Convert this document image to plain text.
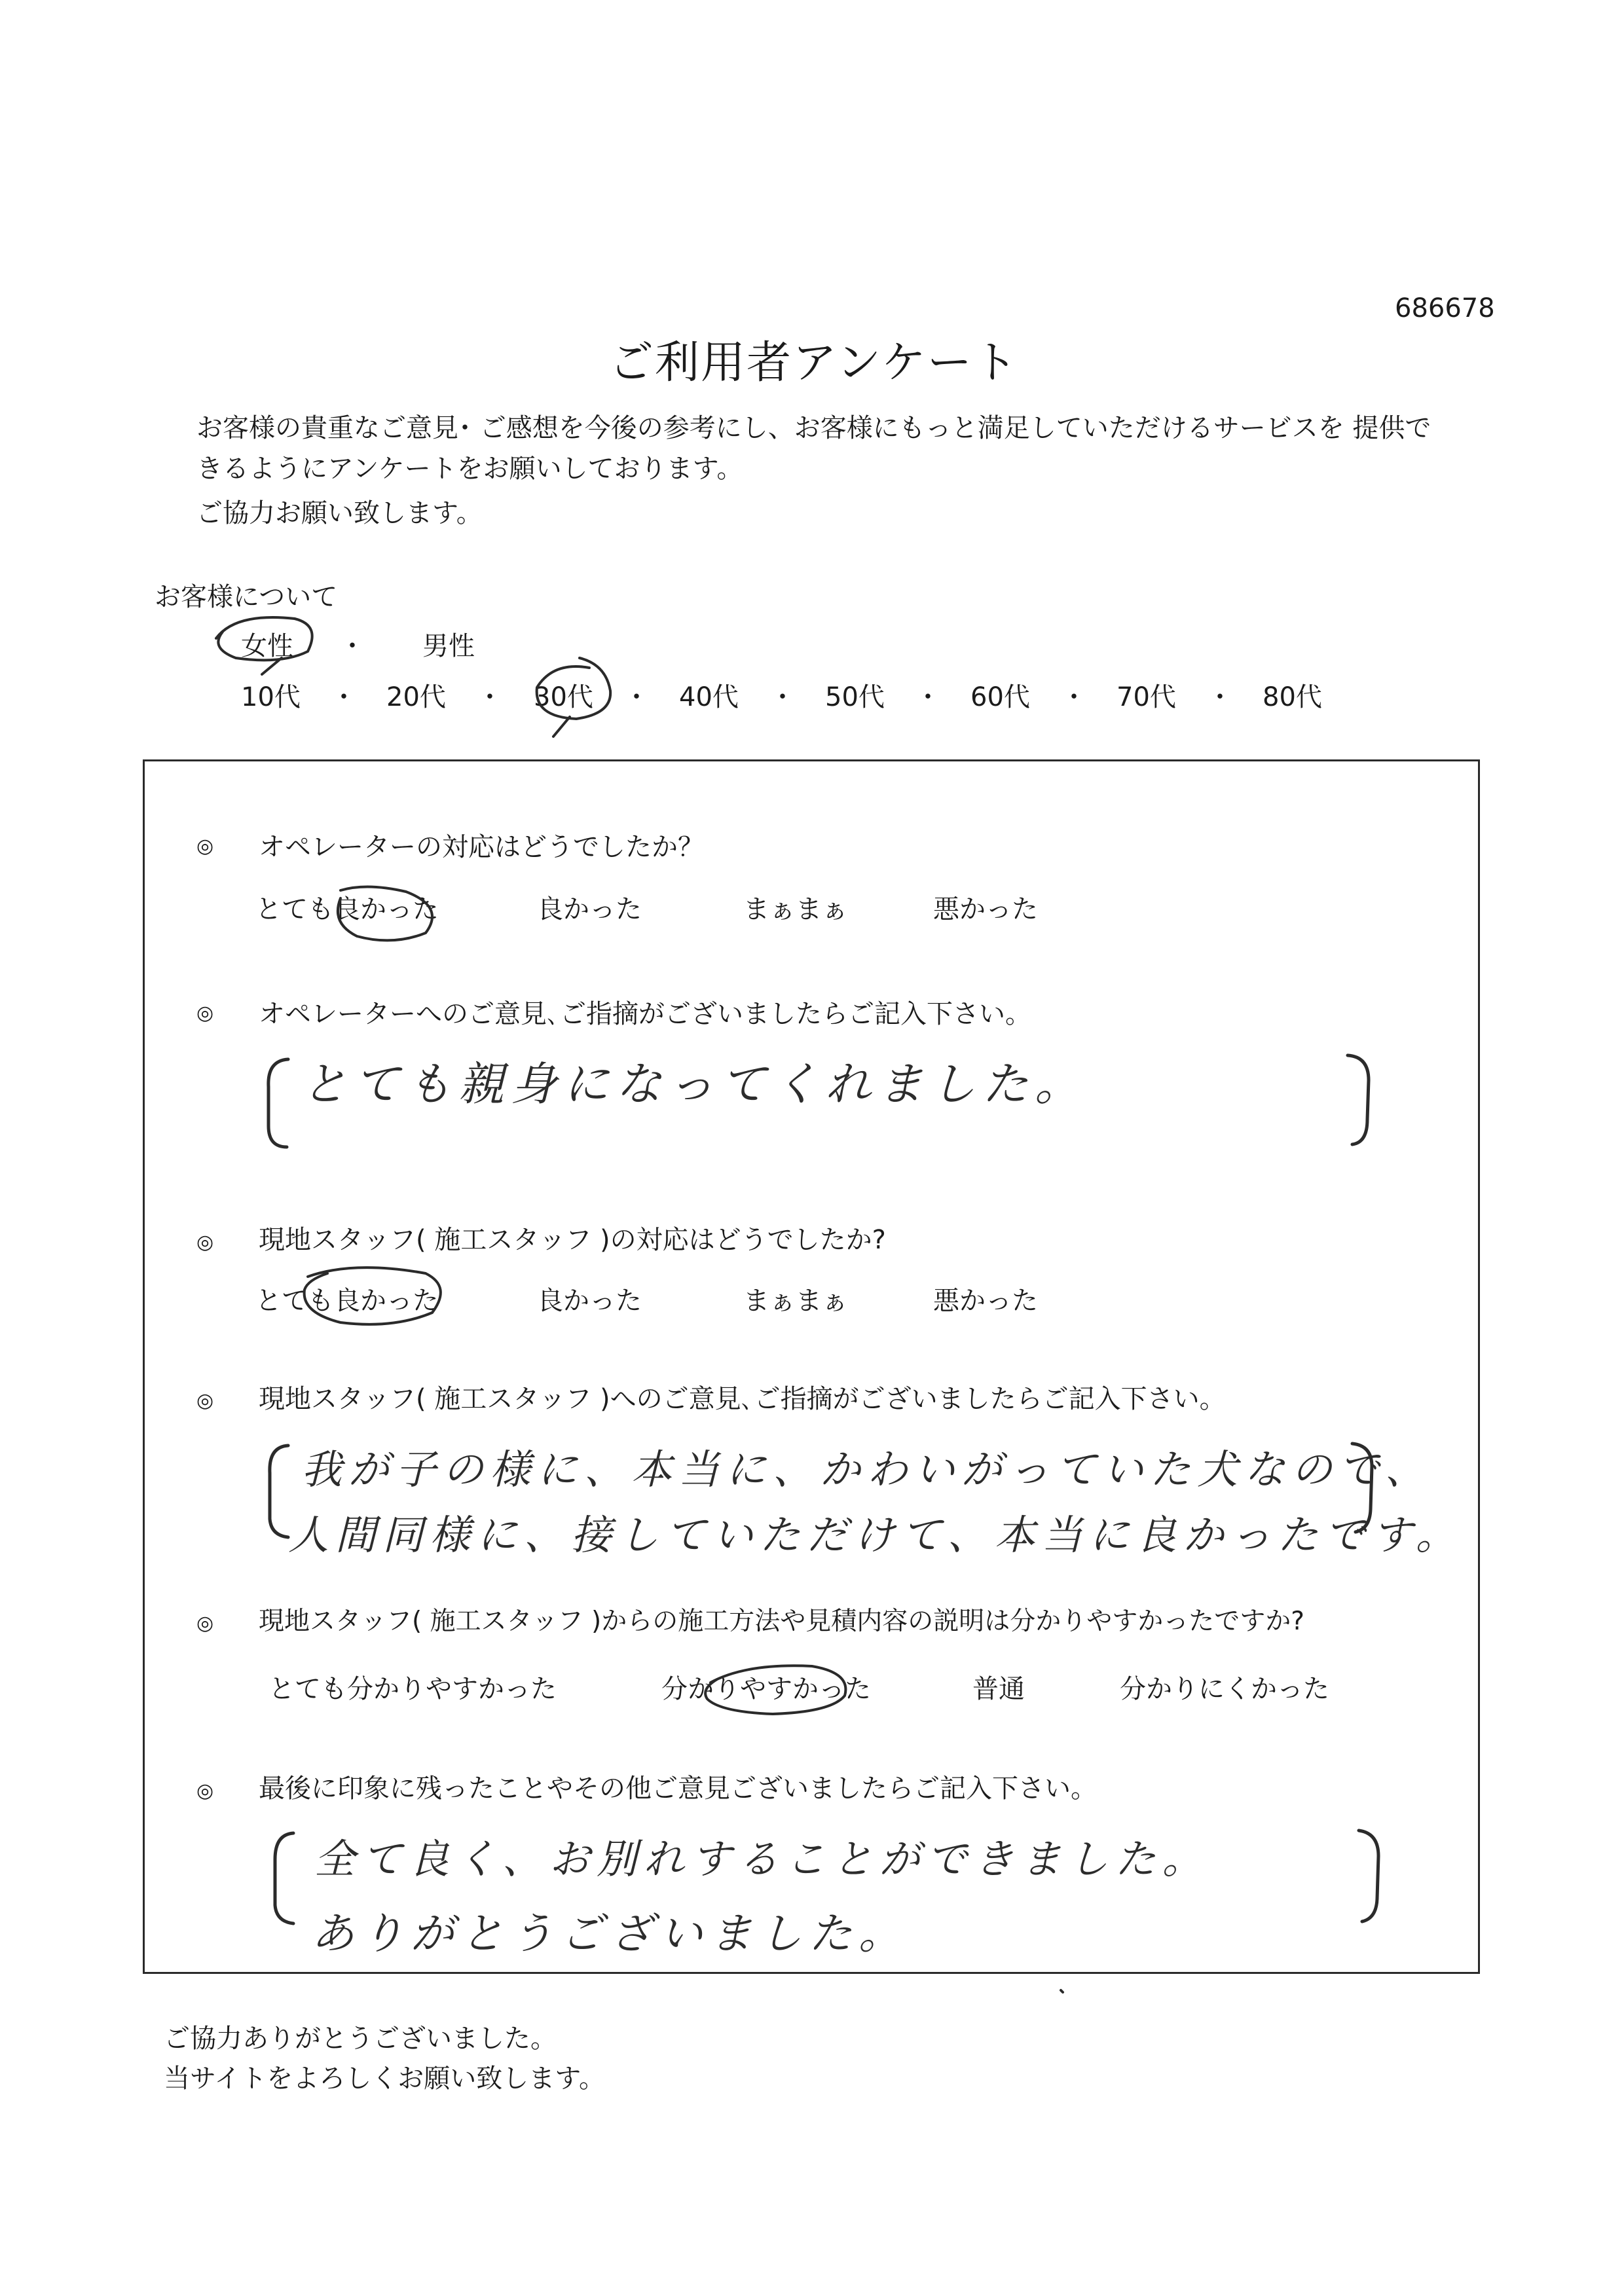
686678
ご利用者アンケート
お客様の貴重なご意見･ ご感想を今後の参考にし、お客様にもっと満足していただけるサービスを 提供で
きるようにアンケートをお願いしております。
ご協力お願い致します。
お客様について
女性 ・ 男性
10代 ・ 20代 ・ 30代 ・ 40代 ・ 50代 ・ 60代 ・ 70代 ・ 80代
◎ オペレーターの対応はどうでしたか？
とても良かった	良かった	まぁまぁ	悪かった
◎ オペレーターへのご意見､ご指摘がございましたらご記入下さい。
とても親身になってくれました。
◎ 現地スタッフ( 施工スタッフ )の対応はどうでしたか?
とても良かった	良かった	まぁまぁ	悪かった
◎ 現地スタッフ( 施工スタッフ )へのご意見､ご指摘がございましたらご記入下さい。
我が子の様に、本当に、かわいがっていた犬なので、
人間同様に、接していただけて、本当に良かったです。
◎ 現地スタッフ( 施工スタッフ )からの施工方法や見積内容の説明は分かりやすかったですか?
とても分かりやすかった	分かりやすかった	普通	分かりにくかった
◎ 最後に印象に残ったことやその他ご意見ございましたらご記入下さい。
全て良く、お別れすることができました。
ありがとうございました。
ご協力ありがとうございました。
当サイトをよろしくお願い致します。
